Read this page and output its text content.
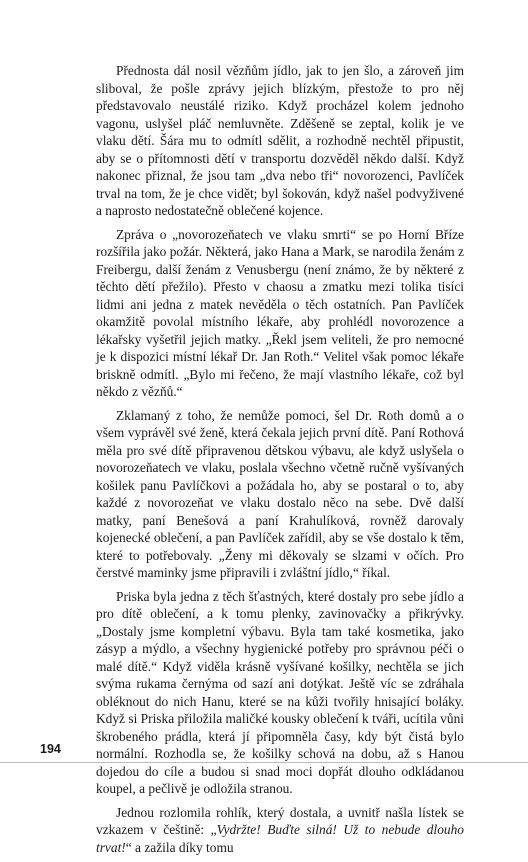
Přednosta dál nosil vězňům jídlo, jak to jen šlo, a zároveň jim sliboval, že pošle zprávy jejich blízkým, přestože to pro něj představovalo neustálé riziko. Když procházel kolem jednoho vagonu, uslyšel pláč nemluvněte. Zděšeně se zeptal, kolik je ve vlaku dětí. Šára mu to odmítl sdělit, a rozhodně nechtěl připustit, aby se o přítomnosti dětí v transportu dozvěděl někdo další. Když nakonec přiznal, že jsou tam „dva nebo tři“ novorozenci, Pavlíček trval na tom, že je chce vidět; byl šokován, když našel podvyživené a naprosto nedostatečně oblečené kojence.

Zpráva o „novorozeňatech ve vlaku smrti“ se po Horní Bříze rozšířila jako požár. Některá, jako Hana a Mark, se narodila ženám z Freibergu, další ženám z Venusbergu (není známo, že by některé z těchto dětí přežilo). Přesto v chaosu a zmatku mezi tolika tisíci lidmi ani jedna z matek nevěděla o těch ostatních. Pan Pavlíček okamžitě povolal místního lékaře, aby prohlédl novorozence a lékařsky vyšetřil jejich matky. „Řekl jsem veliteli, že pro nemocné je k dispozici místní lékař Dr. Jan Roth.“ Velitel však pomoc lékaře briskně odmítl. „Bylo mi řečeno, že mají vlastního lékaře, což byl někdo z vězňů.“

Zklamaný z toho, že nemůže pomoci, šel Dr. Roth domů a o všem vyprávěl své ženě, která čekala jejich první dítě. Paní Rothová měla pro své dítě připravenou dětskou výbavu, ale když uslyšela o novorozeňatech ve vlaku, poslala všechno včetně ručně vyšívaných košilek panu Pavlíčkovi a požádala ho, aby se postaral o to, aby každé z novorozeňat ve vlaku dostalo něco na sebe. Dvě další matky, paní Benešová a paní Krahulíková, rovněž darovaly kojenecké oblečení, a pan Pavlíček zařídil, aby se vše dostalo k těm, které to potřebovaly. „Ženy mi děkovaly se slzami v očích. Pro čerstvé maminky jsme připravili i zvláštní jídlo,“ říkal.

Priska byla jedna z těch šťastných, které dostaly pro sebe jídlo a pro dítě oblečení, a k tomu plenky, zavinovačky a přikrývky. „Dostaly jsme kompletní výbavu. Byla tam také kosmetika, jako zásyp a mýdlo, a všechny hygienické potřeby pro správnou péči o malé dítě.“ Když viděla krásně vyšívané košilky, nechtěla se jich svýma rukama černýma od sazí ani dotýkat. Ještě víc se zdráhala obléknout do nich Hanu, které se na kůži tvořily hnisající boláky. Když si Priska přiložila maličké kousky oblečení k tváři, ucítila vůni škrobeného prádla, která jí připomněla časy, kdy být čistá bylo normální. Rozhodla se, že košilky schová na dobu, až s Hanou dojedou do cíle a budou si snad moci dopřát dlouho odkládanou koupel, a pečlivě je odložila stranou.

Jednou rozlomila rohlík, který dostala, a uvnitř našla lístek se vzkazem v češtině: „Vydržte! Buďte silná! Už to nebude dlouho trvat!“ a zažila díky tomu

194
